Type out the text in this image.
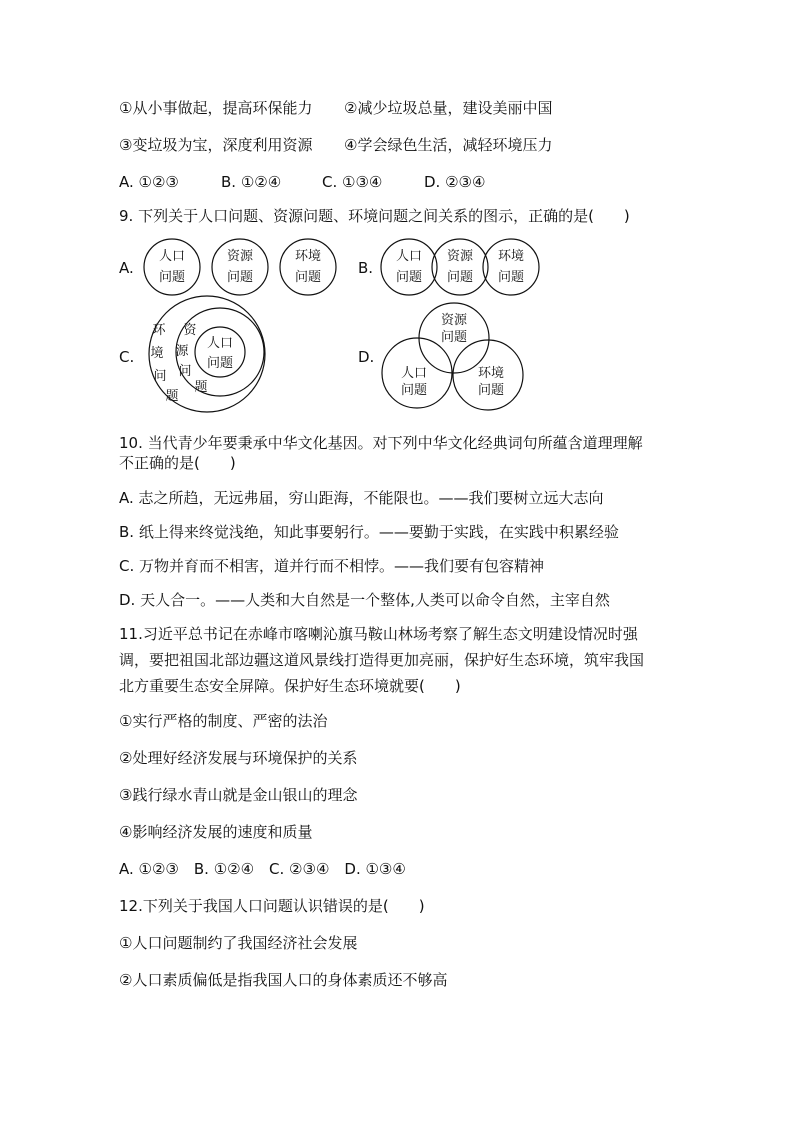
①从小事做起，提高环保能力 ②减少垃圾总量，建设美丽中国
③变垃圾为宝，深度利用资源 ④学会绿色生活，减轻环境压力
A. ①②③	B. ①②④	C. ①③④	D. ②③④
9. 下列关于人口问题、资源问题、环境问题之间关系的图示，正确的是(　　)
A.	B.
C.	D.
人口
问题
资源
问题
环境
问题
人口
问题
资源
问题
环境
问题
人口
问题
环
境
问
题
资
源
问
题
资源
问题
人口
问题
环境
问题
10. 当代青少年要秉承中华文化基因。对下列中华文化经典词句所蕴含道理理解
不正确的是(　　)
A. 志之所趋，无远弗届，穷山距海，不能限也。——我们要树立远大志向
B. 纸上得来终觉浅绝，知此事要躬行。——要勤于实践，在实践中积累经验
C. 万物并育而不相害，道并行而不相悖。——我们要有包容精神
D. 天人合一。——人类和大自然是一个整体,人类可以命令自然，主宰自然
11.习近平总书记在赤峰市喀喇沁旗马鞍山林场考察了解生态文明建设情况时强
调，要把祖国北部边疆这道风景线打造得更加亮丽，保护好生态环境，筑牢我国
北方重要生态安全屏障。保护好生态环境就要(　　)
①实行严格的制度、严密的法治
②处理好经济发展与环境保护的关系
③践行绿水青山就是金山银山的理念
④影响经济发展的速度和质量
A. ①②③　B. ①②④　C. ②③④　D. ①③④
12.下列关于我国人口问题认识错误的是(　　)
①人口问题制约了我国经济社会发展
②人口素质偏低是指我国人口的身体素质还不够高
